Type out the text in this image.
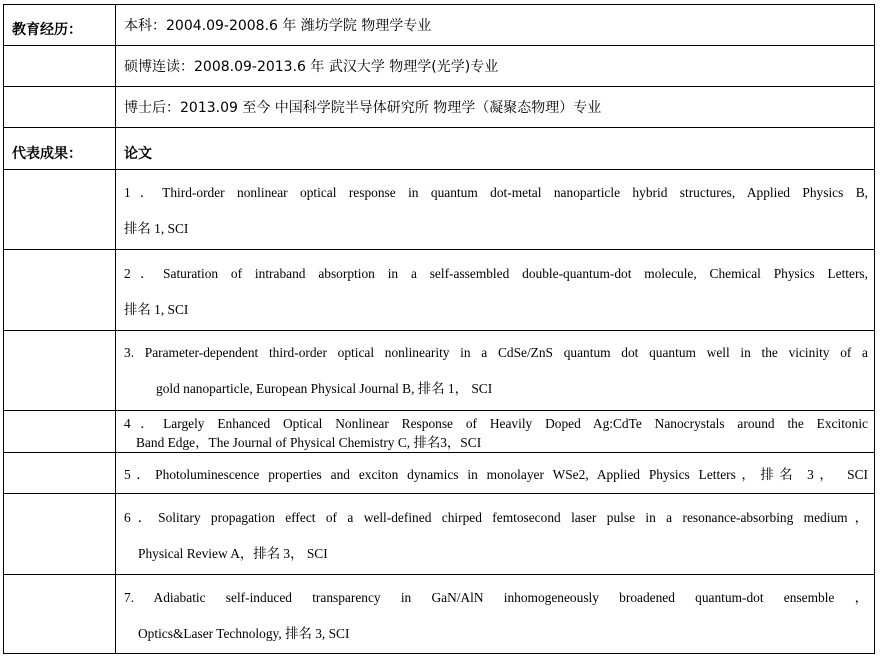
教育经历：	本科：2004.09-2008.6 年 潍坊学院 物理学专业
	硕博连读：2008.09-2013.6 年 武汉大学 物理学(光学)专业
	博士后：2013.09 至今 中国科学院半导体研究所 物理学（凝聚态物理）专业
代表成果：	论文

	1．Third-order nonlinear optical response in quantum dot-metal nanoparticle hybrid structures, Applied Physics B,
排名 1, SCI

	2．Saturation of intraband absorption in a self-assembled double-quantum-dot molecule, Chemical Physics Letters,
排名 1, SCI

	3. Parameter-dependent third-order optical nonlinearity in a CdSe/ZnS quantum dot quantum well in the vicinity of a
gold nanoparticle, European Physical Journal B, 排名 1， SCI

	4．Largely Enhanced Optical Nonlinear Response of Heavily Doped Ag:CdTe Nanocrystals around the Excitonic
Band Edge，The Journal of Physical Chemistry C, 排名3，SCI

	5．Photoluminescence properties and exciton dynamics in monolayer WSe2, Applied Physics Letters，排名 3， SCI

	6．Solitary propagation effect of a well-defined chirped femtosecond laser pulse in a resonance-absorbing medium，
Physical Review A，排名 3， SCI

	7. Adiabatic self-induced transparency in GaN/AlN inhomogeneously broadened quantum-dot ensemble ，
Optics&Laser Technology, 排名 3, SCI
